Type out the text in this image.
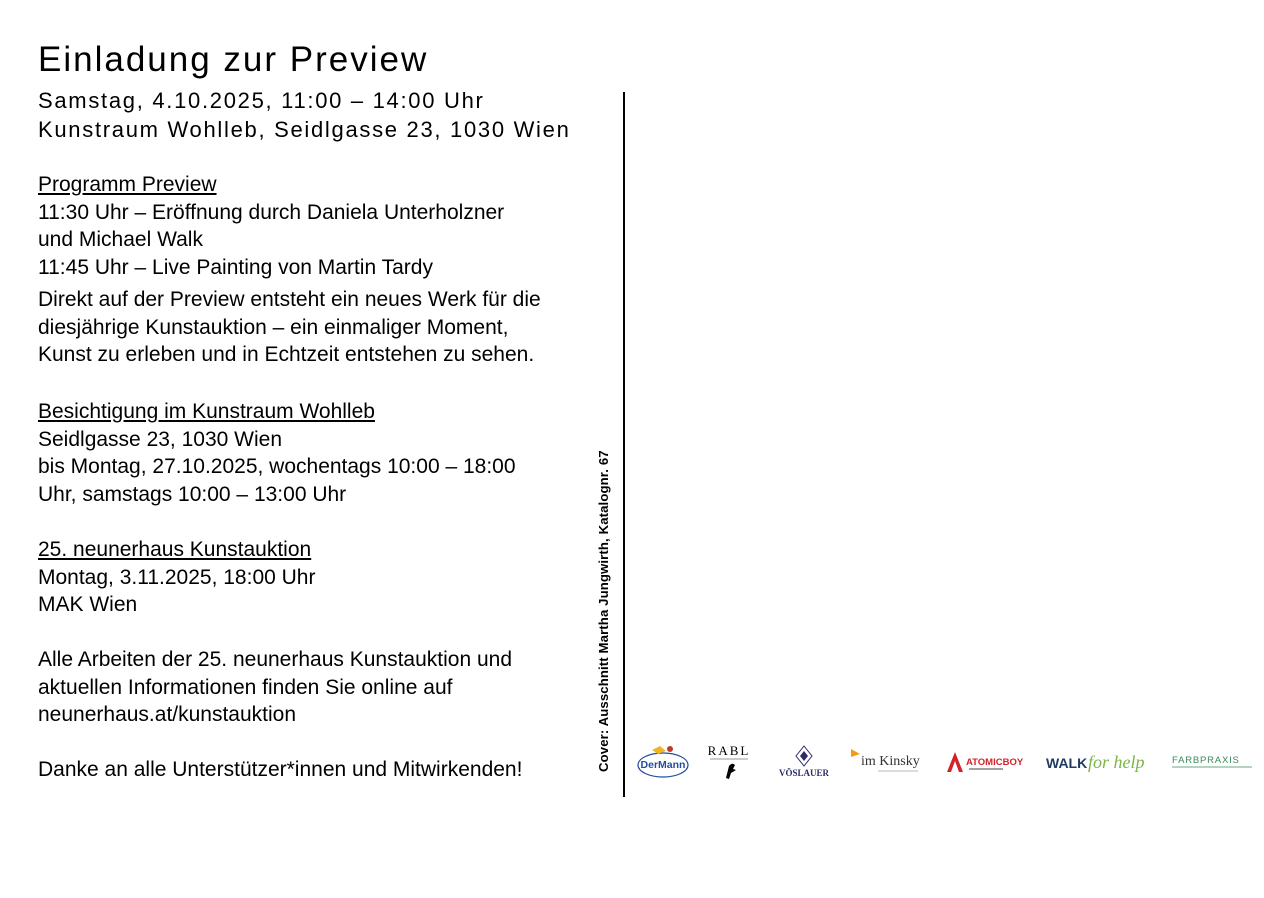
Einladung zur Preview
Samstag, 4.10.2025, 11:00 – 14:00 Uhr
Kunstraum Wohlleb, Seidlgasse 23, 1030 Wien
Programm Preview
11:30 Uhr – Eröffnung durch Daniela Unterholzner
und Michael Walk
11:45 Uhr – Live Painting von Martin Tardy
Direkt auf der Preview entsteht ein neues Werk für die
diesjährige Kunstauktion – ein einmaliger Moment,
Kunst zu erleben und in Echtzeit entstehen zu sehen.
Besichtigung im Kunstraum Wohlleb
Seidlgasse 23, 1030 Wien
bis Montag, 27.10.2025, wochentags 10:00 – 18:00
Uhr, samstags 10:00 – 13:00 Uhr
25. neunerhaus Kunstauktion
Montag, 3.11.2025, 18:00 Uhr
MAK Wien
Alle Arbeiten der 25. neunerhaus Kunstauktion und
aktuellen Informationen finden Sie online auf
neunerhaus.at/kunstauktion
Danke an alle Unterstützer*innen und Mitwirkenden!	Cover: Ausschnitt Martha Jungwirth, Katalognr. 67	DerMann
RABL
VÖSLAUER
im Kinsky	ATOMICBOY WALK for help	FARBPRAXIS
